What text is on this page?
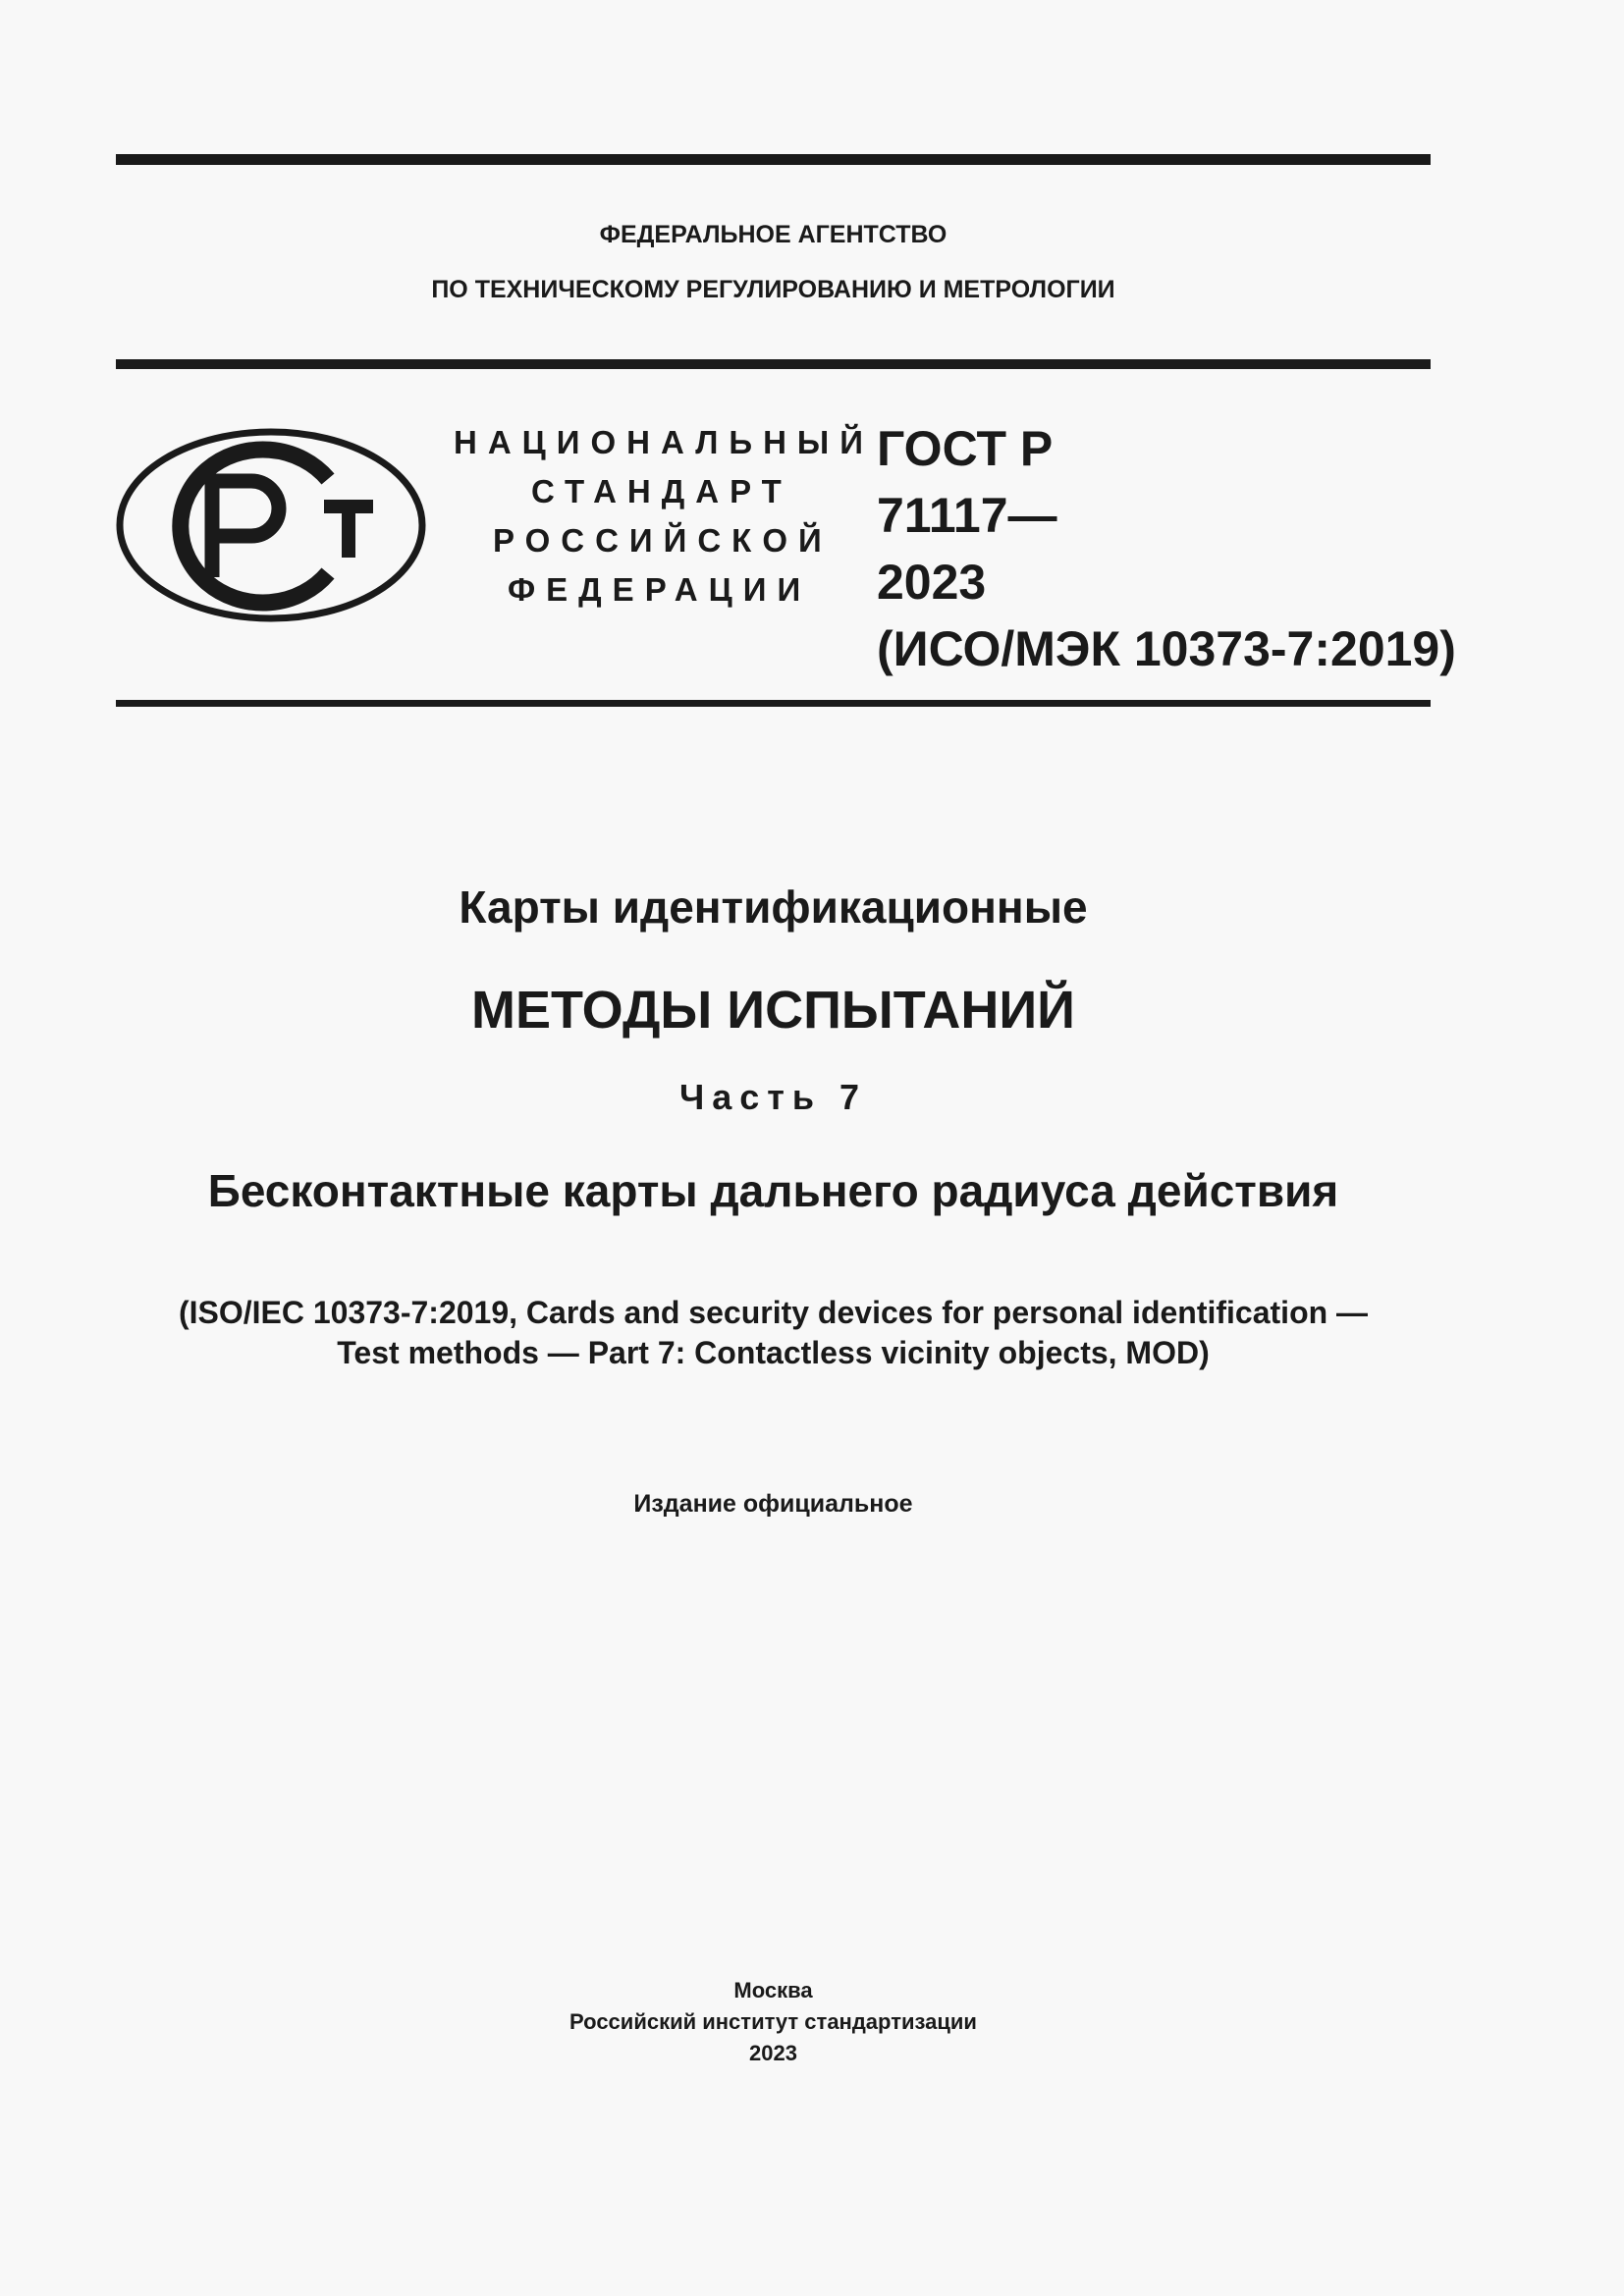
ФЕДЕРАЛЬНОЕ АГЕНТСТВО
ПО ТЕХНИЧЕСКОМУ РЕГУЛИРОВАНИЮ И МЕТРОЛОГИИ
НАЦИОНАЛЬНЫЙ
СТАНДАРТ
РОССИЙСКОЙ
ФЕДЕРАЦИИ
ГОСТ Р
71117—
2023
(ИСО/МЭК 10373-7:2019)
Карты идентификационные
МЕТОДЫ ИСПЫТАНИЙ
Часть 7
Бесконтактные карты дальнего радиуса действия
(ISO/IEC 10373-7:2019, Cards and security devices for personal identification —
Test methods — Part 7: Contactless vicinity objects, MOD)
Издание официальное
Москва
Российский институт стандартизации
2023
